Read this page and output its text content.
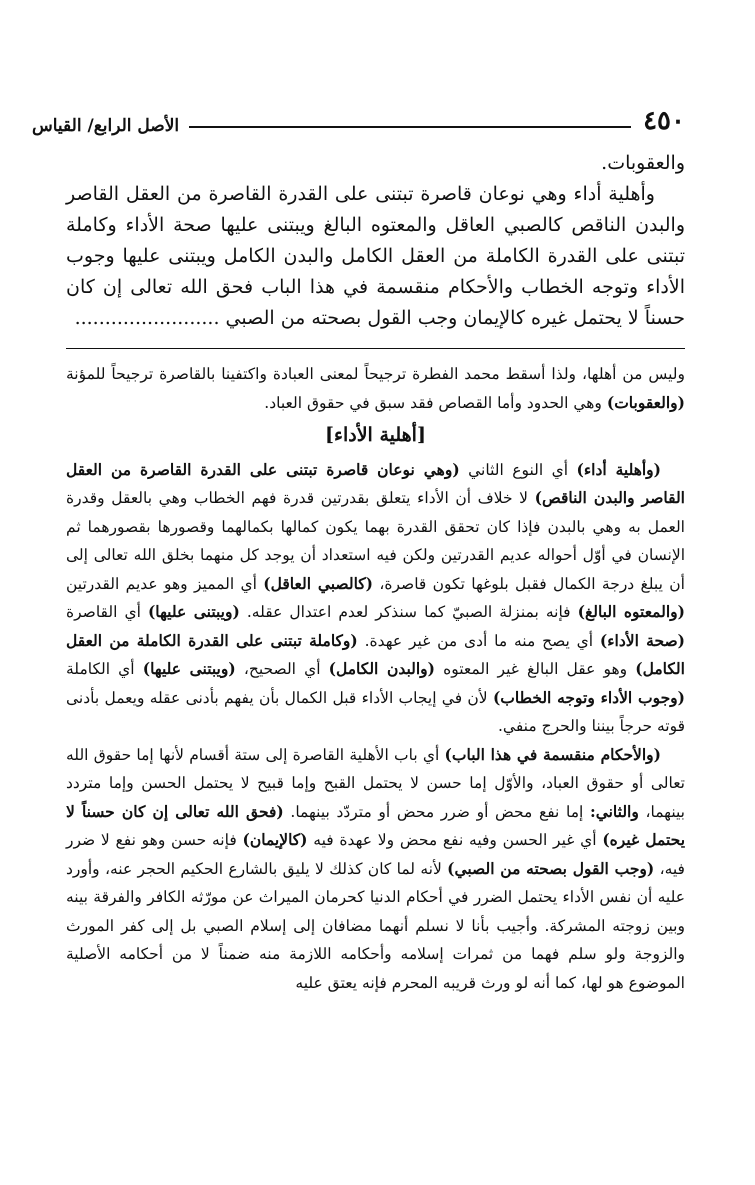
٤٥٠
الأصل الرابع/ القياس

والعقوبات.

وأهلية أداء وهي نوعان قاصرة تبتنى على القدرة القاصرة من العقل القاصر والبدن الناقص كالصبي العاقل والمعتوه البالغ ويبتنى عليها صحة الأداء وكاملة تبتنى على القدرة الكاملة من العقل الكامل والبدن الكامل ويبتنى عليها وجوب الأداء وتوجه الخطاب والأحكام منقسمة في هذا الباب فحق الله تعالى إن كان حسناً لا يحتمل غيره كالإيمان وجب القول بصحته من الصبي ........................

وليس من أهلها، ولذا أسقط محمد الفطرة ترجيحاً لمعنى العبادة واكتفينا بالقاصرة ترجيحاً للمؤنة (والعقوبات) وهي الحدود وأما القصاص فقد سبق في حقوق العباد.

[أهلية الأداء]

(وأهلية أداء) أي النوع الثاني (وهي نوعان قاصرة تبتنى على القدرة القاصرة من العقل القاصر والبدن الناقص) لا خلاف أن الأداء يتعلق بقدرتين قدرة فهم الخطاب وهي بالعقل وقدرة العمل به وهي بالبدن فإذا كان تحقق القدرة بهما يكون كمالها بكمالهما وقصورها بقصورهما ثم الإنسان في أوّل أحواله عديم القدرتين ولكن فيه استعداد أن يوجد كل منهما بخلق الله تعالى إلى أن يبلغ درجة الكمال فقبل بلوغها تكون قاصرة، (كالصبي العاقل) أي المميز وهو عديم القدرتين (والمعتوه البالغ) فإنه بمنزلة الصبيّ كما سنذكر لعدم اعتدال عقله. (ويبتنى عليها) أي القاصرة (صحة الأداء) أي يصح منه ما أدى من غير عهدة. (وكاملة تبتنى على القدرة الكاملة من العقل الكامل) وهو عقل البالغ غير المعتوه (والبدن الكامل) أي الصحيح، (ويبتنى عليها) أي الكاملة (وجوب الأداء وتوجه الخطاب) لأن في إيجاب الأداء قبل الكمال بأن يفهم بأدنى عقله ويعمل بأدنى قوته حرجاً بيننا والحرج منفي.

(والأحكام منقسمة في هذا الباب) أي باب الأهلية القاصرة إلى ستة أقسام لأنها إما حقوق الله تعالى أو حقوق العباد، والأوّل إما حسن لا يحتمل القبح وإما قبيح لا يحتمل الحسن وإما متردد بينهما، والثاني: إما نفع محض أو ضرر محض أو متردّد بينهما. (فحق الله تعالى إن كان حسناً لا يحتمل غيره) أي غير الحسن وفيه نفع محض ولا عهدة فيه (كالإيمان) فإنه حسن وهو نفع لا ضرر فيه، (وجب القول بصحته من الصبي) لأنه لما كان كذلك لا يليق بالشارع الحكيم الحجر عنه، وأورد عليه أن نفس الأداء يحتمل الضرر في أحكام الدنيا كحرمان الميراث عن مورّثه الكافر والفرقة بينه وبين زوجته المشركة. وأجيب بأنا لا نسلم أنهما مضافان إلى إسلام الصبي بل إلى كفر المورث والزوجة ولو سلم فهما من ثمرات إسلامه وأحكامه اللازمة منه ضمناً لا من أحكامه الأصلية الموضوع هو لها، كما أنه لو ورث قريبه المحرم فإنه يعتق عليه
